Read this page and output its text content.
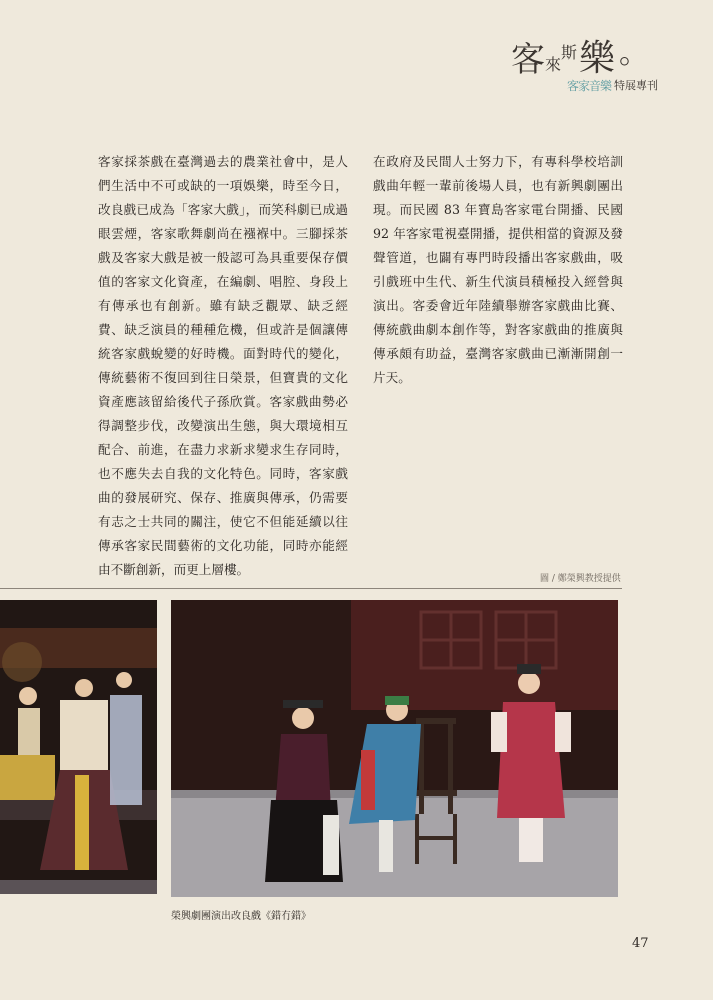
客 來
斯 樂 。
客家音樂 特展專刊
客家採茶戲在臺灣過去的農業社會中，是人們生活中不可或缺的一項娛樂，時至今日，改良戲已成為「客家大戲」，而笑科劇已成過眼雲煙，客家歌舞劇尚在襁褓中。三腳採茶戲及客家大戲是被一般認可為具重要保存價值的客家文化資產，在編劇、唱腔、身段上有傳承也有創新。雖有缺乏觀眾、缺乏經費、缺乏演員的種種危機，但或許是個讓傳統客家戲蛻變的好時機。面對時代的變化，傳統藝術不復回到往日榮景，但寶貴的文化資產應該留給後代子孫欣賞。客家戲曲勢必得調整步伐，改變演出生態，與大環境相互配合、前進，在盡力求新求變求生存同時，也不應失去自我的文化特色。同時，客家戲曲的發展研究、保存、推廣與傳承，仍需要有志之士共同的關注，使它不但能延續以往傳承客家民間藝術的文化功能，同時亦能經由不斷創新，而更上層樓。
在政府及民間人士努力下，有專科學校培訓戲曲年輕一輩前後場人員，也有新興劇團出現。而民國 83 年寶島客家電台開播、民國 92 年客家電視臺開播，提供相當的資源及發聲管道，也闢有專門時段播出客家戲曲，吸引戲班中生代、新生代演員積極投入經營與演出。客委會近年陸續舉辦客家戲曲比賽、傳統戲曲劇本創作等，對客家戲曲的推廣與傳承頗有助益，臺灣客家戲曲已漸漸開創一片天。
圖 / 鄭榮興教授提供
榮興劇團演出改良戲《錯冇錯》
47
